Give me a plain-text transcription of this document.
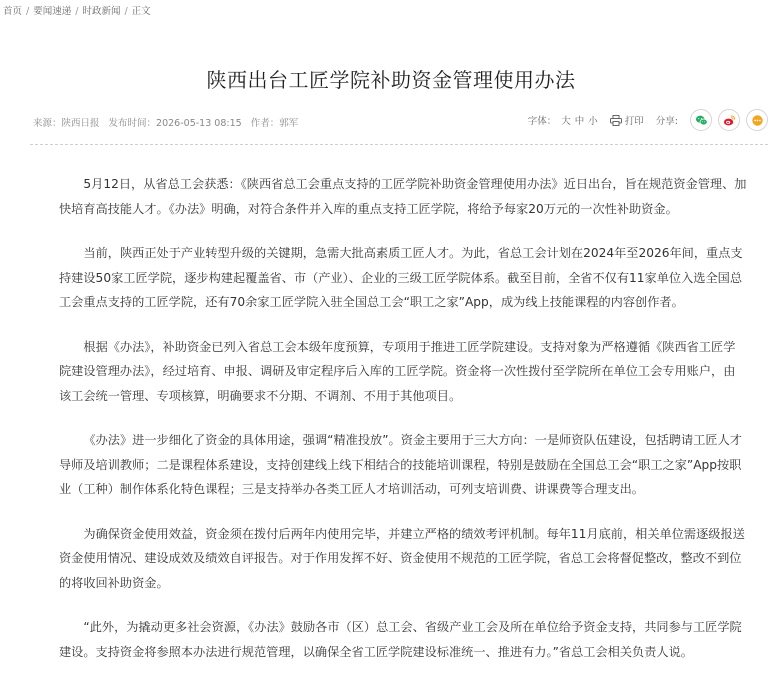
首页 / 要闻速递 / 时政新闻 / 正文
陕西出台工匠学院补助资金管理使用办法
来源：陕西日报 发布时间：2026-05-13 08:15 作者：郭军	字体： 大 中 小	打印 分享:

5月12日，从省总工会获悉：《陕西省总工会重点支持的工匠学院补助资金管理使用办法》近日出台，旨在规范资金管理、加快培育高技能人才。《办法》明确，对符合条件并入库的重点支持工匠学院，将给予每家20万元的一次性补助资金。

当前，陕西正处于产业转型升级的关键期，急需大批高素质工匠人才。为此，省总工会计划在2024年至2026年间，重点支持建设50家工匠学院，逐步构建起覆盖省、市（产业）、企业的三级工匠学院体系。截至目前，全省不仅有11家单位入选全国总工会重点支持的工匠学院，还有70余家工匠学院入驻全国总工会“职工之家”App，成为线上技能课程的内容创作者。

根据《办法》，补助资金已列入省总工会本级年度预算，专项用于推进工匠学院建设。支持对象为严格遵循《陕西省工匠学院建设管理办法》，经过培育、申报、调研及审定程序后入库的工匠学院。资金将一次性拨付至学院所在单位工会专用账户，由该工会统一管理、专项核算，明确要求不分期、不调剂、不用于其他项目。

《办法》进一步细化了资金的具体用途，强调“精准投放”。资金主要用于三大方向：一是师资队伍建设，包括聘请工匠人才导师及培训教师；二是课程体系建设，支持创建线上线下相结合的技能培训课程，特别是鼓励在全国总工会“职工之家”App按职业（工种）制作体系化特色课程；三是支持举办各类工匠人才培训活动，可列支培训费、讲课费等合理支出。

为确保资金使用效益，资金须在拨付后两年内使用完毕，并建立严格的绩效考评机制。每年11月底前，相关单位需逐级报送资金使用情况、建设成效及绩效自评报告。对于作用发挥不好、资金使用不规范的工匠学院，省总工会将督促整改，整改不到位的将收回补助资金。

“此外，为撬动更多社会资源，《办法》鼓励各市（区）总工会、省级产业工会及所在单位给予资金支持，共同参与工匠学院建设。支持资金将参照本办法进行规范管理，以确保全省工匠学院建设标准统一、推进有力。”省总工会相关负责人说。
